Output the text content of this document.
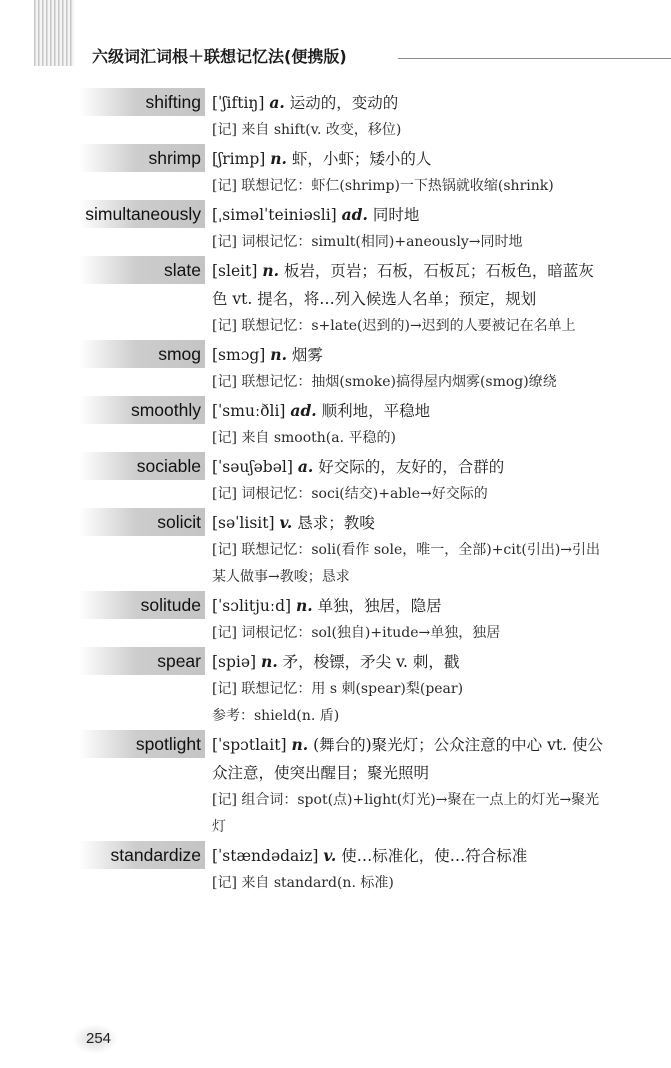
六级词汇词根＋联想记忆法(便携版)
shifting [ˈʃiftiŋ] a. 运动的，变动的
[记] 来自 shift(v. 改变，移位)
shrimp [ʃrimp] n. 虾，小虾；矮小的人
[记] 联想记忆：虾仁(shrimp)一下热锅就收缩(shrink)
simultaneously [ˌsiməlˈteiniəsli] ad. 同时地
[记] 词根记忆：simult(相同)+aneously→同时地
slate [sleit] n. 板岩，页岩；石板，石板瓦；石板色，暗蓝灰色 vt. 提名，将…列入候选人名单；预定，规划
[记] 联想记忆：s+late(迟到的)→迟到的人要被记在名单上
smog [smɔg] n. 烟雾
[记] 联想记忆：抽烟(smoke)搞得屋内烟雾(smog)缭绕
smoothly [ˈsmuːðli] ad. 顺利地，平稳地
[记] 来自 smooth(a. 平稳的)
sociable [ˈsəuʃəbəl] a. 好交际的，友好的，合群的
[记] 词根记忆：soci(结交)+able→好交际的
solicit [səˈlisit] v. 恳求；教唆
[记] 联想记忆：soli(看作 sole，唯一，全部)+cit(引出)→引出某人做事→教唆；恳求
solitude [ˈsɔlitjuːd] n. 单独，独居，隐居
[记] 词根记忆：sol(独自)+itude→单独，独居
spear [spiə] n. 矛，梭镖，矛尖 v. 刺，戳
[记] 联想记忆：用 s 刺(spear)梨(pear)
参考：shield(n. 盾)
spotlight [ˈspɔtlait] n. (舞台的)聚光灯；公众注意的中心 vt. 使公众注意，使突出醒目；聚光照明
[记] 组合词：spot(点)+light(灯光)→聚在一点上的灯光→聚光灯
standardize [ˈstændədaiz] v. 使…标准化，使…符合标准
[记] 来自 standard(n. 标准)
254
